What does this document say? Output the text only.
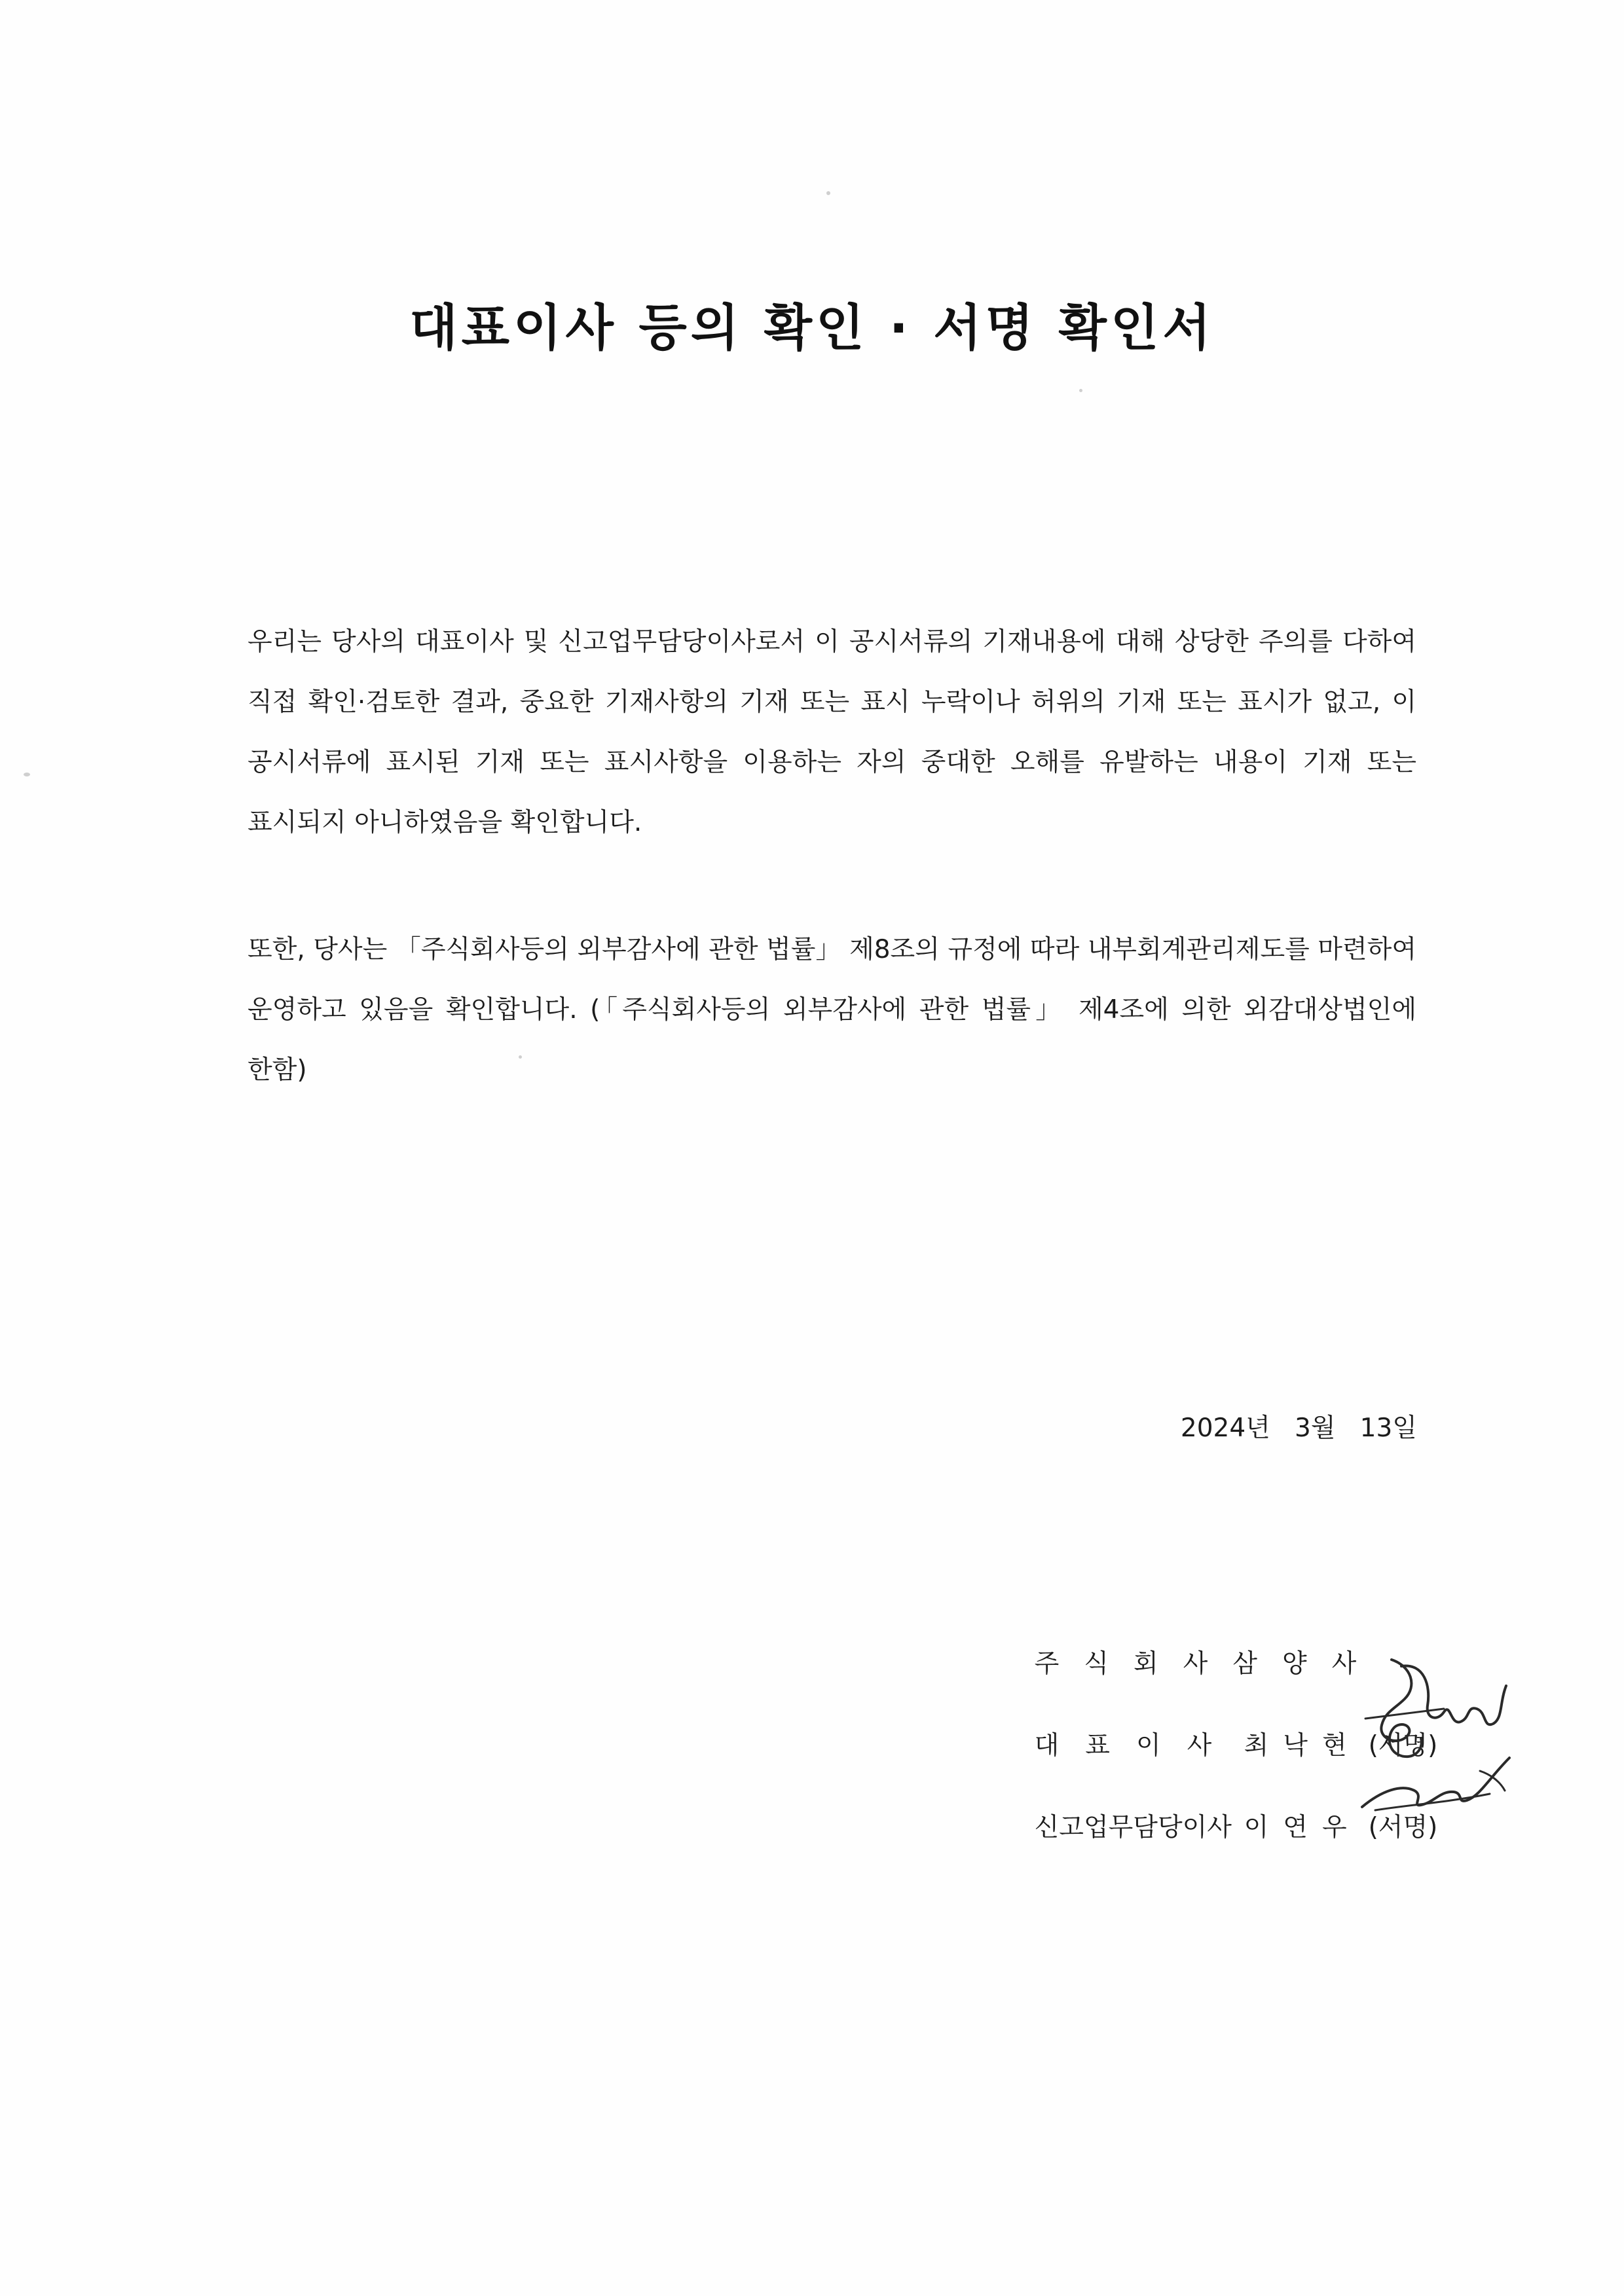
대표이사 등의 확인 · 서명 확인서
우리는 당사의 대표이사 및 신고업무담당이사로서 이 공시서류의 기재내용에 대해 상당한 주의를 다하여 직접 확인·검토한 결과, 중요한 기재사항의 기재 또는 표시 누락이나 허위의 기재 또는 표시가 없고, 이 공시서류에 표시된 기재 또는 표시사항을 이용하는 자의 중대한 오해를 유발하는 내용이 기재 또는 표시되지 아니하였음을 확인합니다.
또한, 당사는 「주식회사등의 외부감사에 관한 법률」 제8조의 규정에 따라 내부회계관리제도를 마련하여 운영하고 있음을 확인합니다. (「주식회사등의 외부감사에 관한 법률」 제4조에 의한 외감대상법인에 한함)
2024년   3월   13일

주식회사삼양사

대표이사 최낙현 (서명)

신고업무담당이사 이연우 (서명)
